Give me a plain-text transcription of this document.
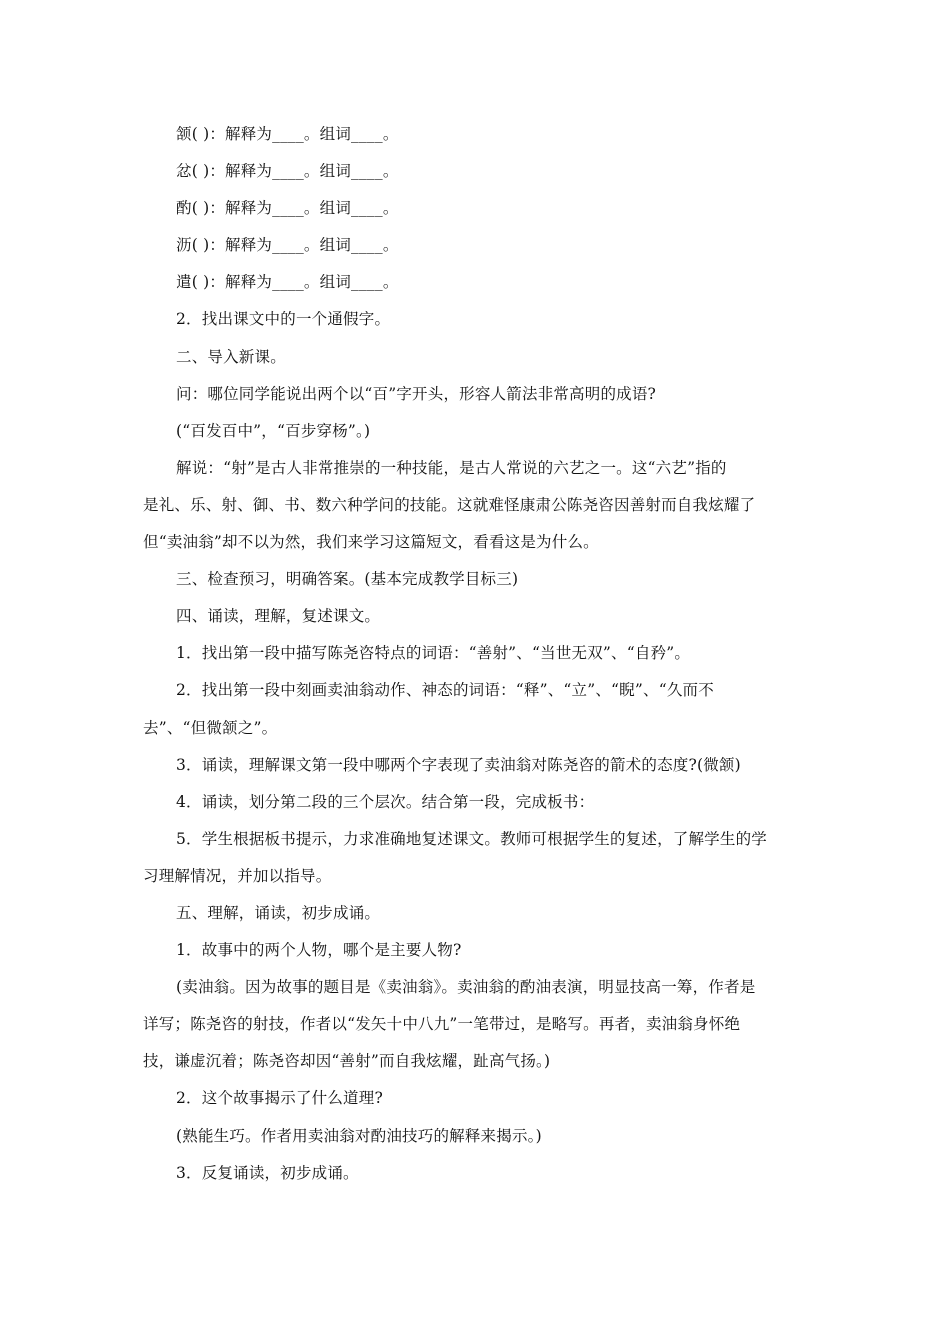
颔( )：解释为____。组词____。
忿( )：解释为____。组词____。
酌( )：解释为____。组词____。
沥( )：解释为____。组词____。
遣( )：解释为____。组词____。
2．找出课文中的一个通假字。
二、导入新课。
问：哪位同学能说出两个以“百”字开头，形容人箭法非常高明的成语?
(“百发百中”，“百步穿杨”。)
解说：“射”是古人非常推崇的一种技能，是古人常说的六艺之一。这“六艺”指的
是礼、乐、射、御、书、数六种学问的技能。这就难怪康肃公陈尧咨因善射而自我炫耀了
但“卖油翁”却不以为然，我们来学习这篇短文，看看这是为什么。
三、检查预习，明确答案。(基本完成教学目标三)
四、诵读，理解，复述课文。
1．找出第一段中描写陈尧咨特点的词语：“善射”、“当世无双”、“自矜”。
2．找出第一段中刻画卖油翁动作、神态的词语：“释”、“立”、“睨”、“久而不
去”、“但微颔之”。
3．诵读，理解课文第一段中哪两个字表现了卖油翁对陈尧咨的箭术的态度?(微颔)
4．诵读，划分第二段的三个层次。结合第一段，完成板书：
5．学生根据板书提示，力求准确地复述课文。教师可根据学生的复述，了解学生的学
习理解情况，并加以指导。
五、理解，诵读，初步成诵。
1．故事中的两个人物，哪个是主要人物?
(卖油翁。因为故事的题目是《卖油翁》。卖油翁的酌油表演，明显技高一筹，作者是
详写；陈尧咨的射技，作者以“发矢十中八九”一笔带过，是略写。再者，卖油翁身怀绝
技，谦虚沉着；陈尧咨却因“善射”而自我炫耀，趾高气扬。)
2．这个故事揭示了什么道理?
(熟能生巧。作者用卖油翁对酌油技巧的解释来揭示。)
3．反复诵读，初步成诵。
